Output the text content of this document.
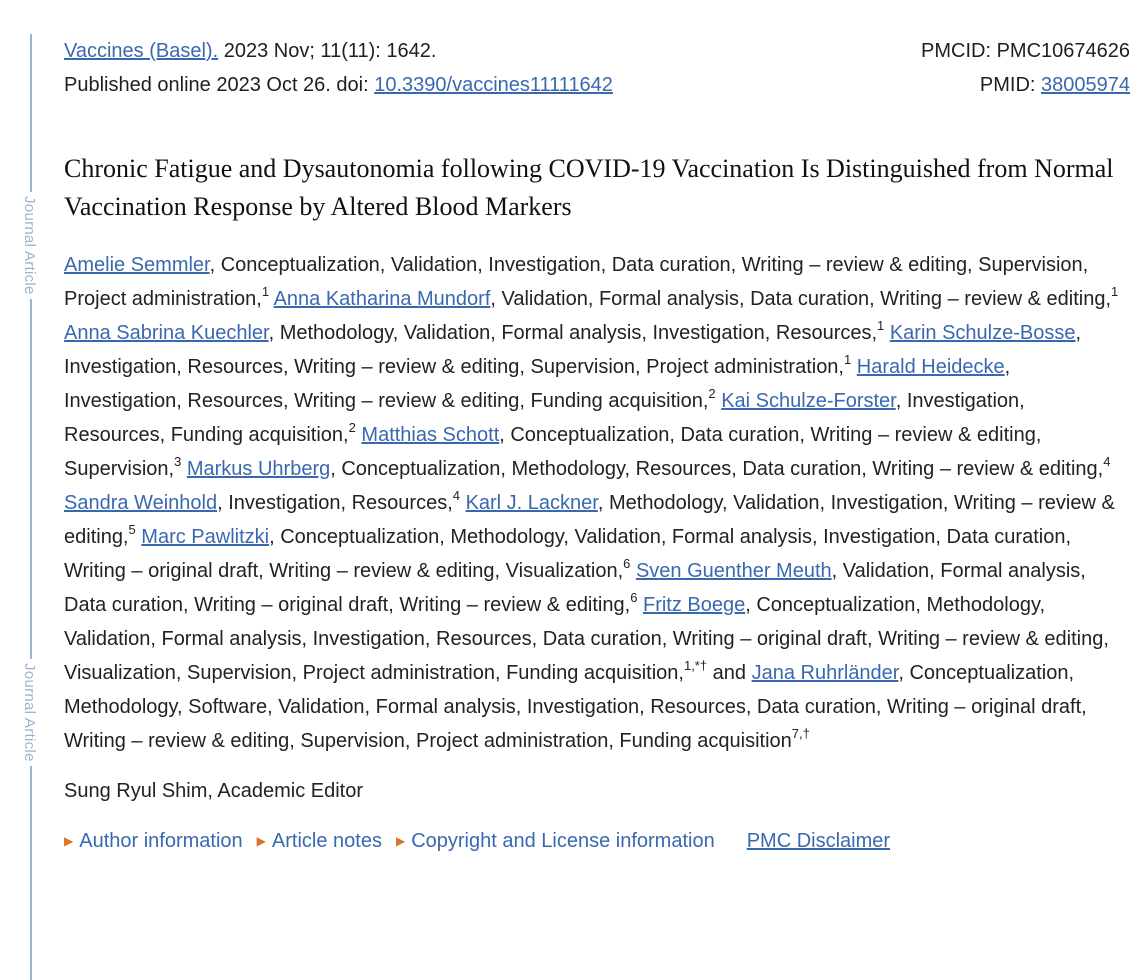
Journal Article
Journal Article
Vaccines (Basel). 2023 Nov; 11(11): 1642.	PMCID: PMC10674626
Published online 2023 Oct 26. doi: 10.3390/vaccines11111642	PMID: 38005974
Chronic Fatigue and Dysautonomia following COVID-19 Vaccination Is Distinguished from Normal Vaccination Response by Altered Blood Markers
Amelie Semmler, Conceptualization, Validation, Investigation, Data curation, Writing – review & editing, Supervision, Project administration,$^1$ Anna Katharina Mundorf, Validation, Formal analysis, Data curation, Writing – review & editing,$^1$ Anna Sabrina Kuechler, Methodology, Validation, Formal analysis, Investigation, Resources,$^1$ Karin Schulze-Bosse, Investigation, Resources, Writing – review & editing, Supervision, Project administration,$^1$ Harald Heidecke, Investigation, Resources, Writing – review & editing, Funding acquisition,$^2$ Kai Schulze-Forster, Investigation, Resources, Funding acquisition,$^2$ Matthias Schott, Conceptualization, Data curation, Writing – review & editing, Supervision,$^3$ Markus Uhrberg, Conceptualization, Methodology, Resources, Data curation, Writing – review & editing,$^4$ Sandra Weinhold, Investigation, Resources,$^4$ Karl J. Lackner, Methodology, Validation, Investigation, Writing – review & editing,$^5$ Marc Pawlitzki, Conceptualization, Methodology, Validation, Formal analysis, Investigation, Data curation, Writing – original draft, Writing – review & editing, Visualization,$^6$ Sven Guenther Meuth, Validation, Formal analysis, Data curation, Writing – original draft, Writing – review & editing,$^6$ Fritz Boege, Conceptualization, Methodology, Validation, Formal analysis, Investigation, Resources, Data curation, Writing – original draft, Writing – review & editing, Visualization, Supervision, Project administration, Funding acquisition,$^{1,*\dagger}$ and Jana Ruhrländer, Conceptualization, Methodology, Software, Validation, Formal analysis, Investigation, Resources, Data curation, Writing – original draft, Writing – review & editing, Supervision, Project administration, Funding acquisition$^{7,\dagger}$
Sung Ryul Shim, Academic Editor
▶ Author information ▶ Article notes ▶ Copyright and License information PMC Disclaimer
